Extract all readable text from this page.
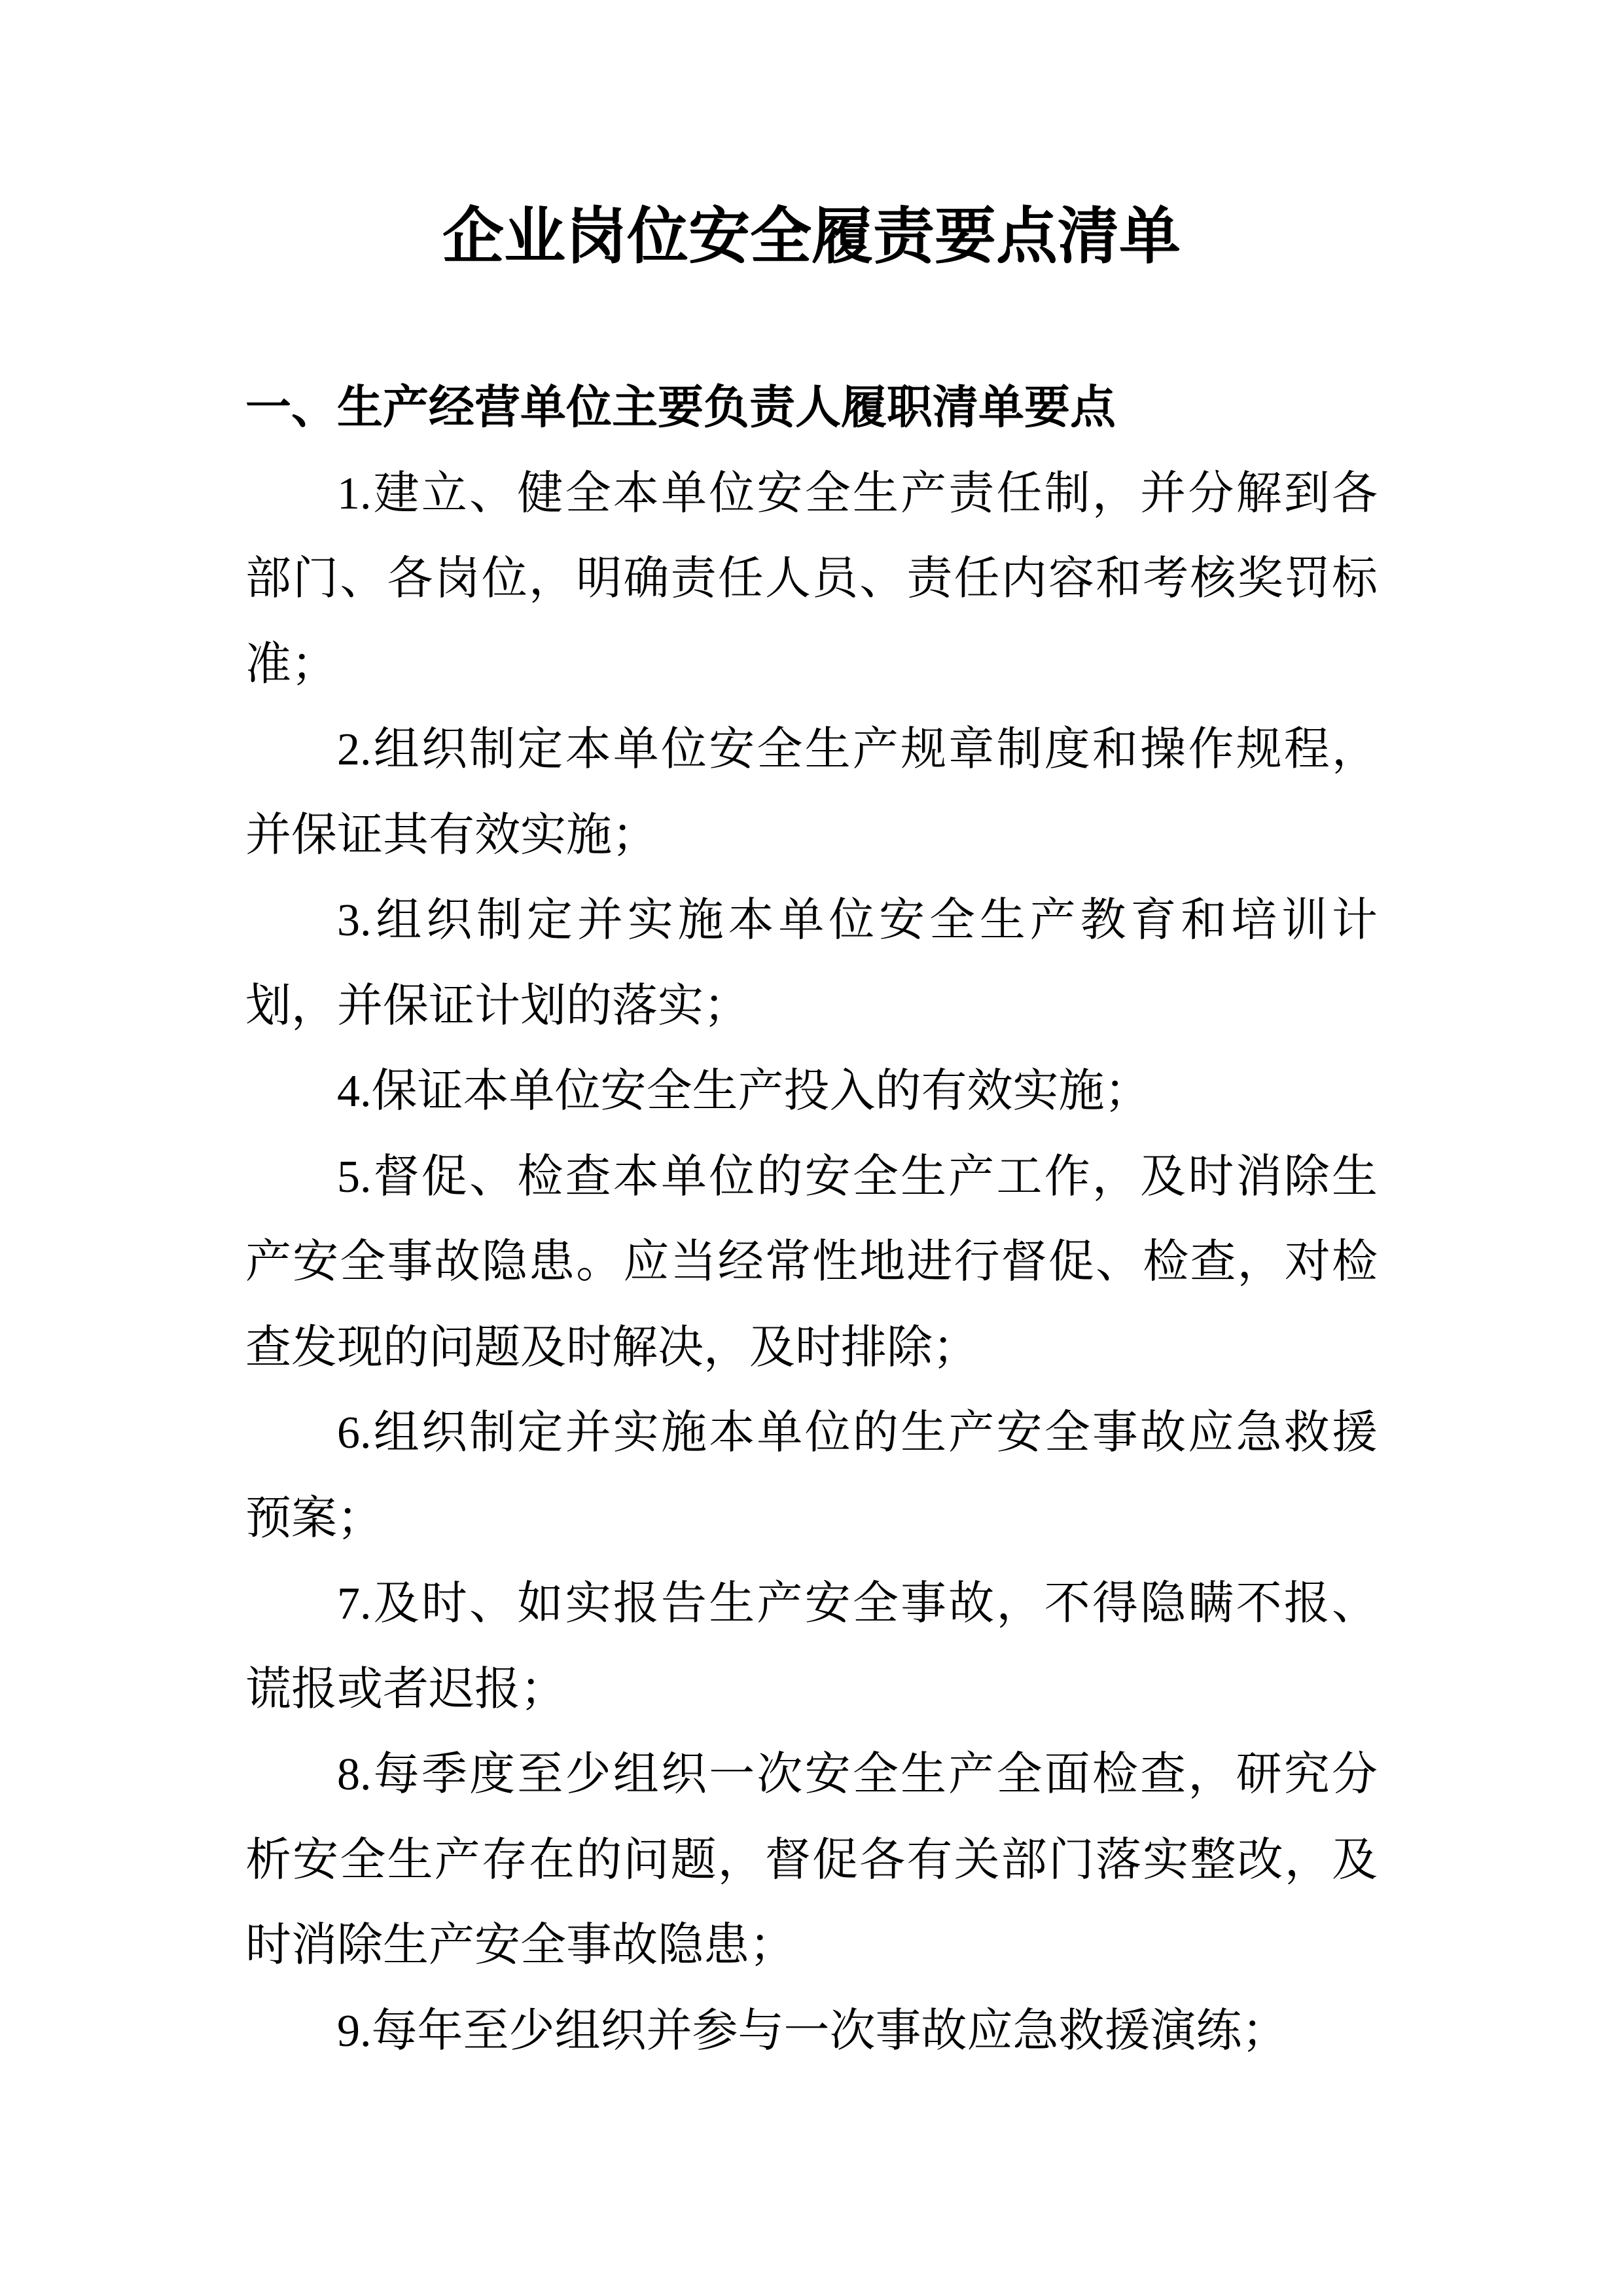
企业岗位安全履责要点清单
一、生产经营单位主要负责人履职清单要点

1.建立、健全本单位安全生产责任制，并分解到各部门、各岗位，明确责任人员、责任内容和考核奖罚标准；

2.组织制定本单位安全生产规章制度和操作规程，并保证其有效实施；

3.组织制定并实施本单位安全生产教育和培训计划，并保证计划的落实；

4.保证本单位安全生产投入的有效实施；

5.督促、检查本单位的安全生产工作，及时消除生产安全事故隐患。应当经常性地进行督促、检查，对检查发现的问题及时解决，及时排除；

6.组织制定并实施本单位的生产安全事故应急救援预案；

7.及时、如实报告生产安全事故，不得隐瞒不报、谎报或者迟报；

8.每季度至少组织一次安全生产全面检查，研究分析安全生产存在的问题，督促各有关部门落实整改，及时消除生产安全事故隐患；

9.每年至少组织并参与一次事故应急救援演练；
